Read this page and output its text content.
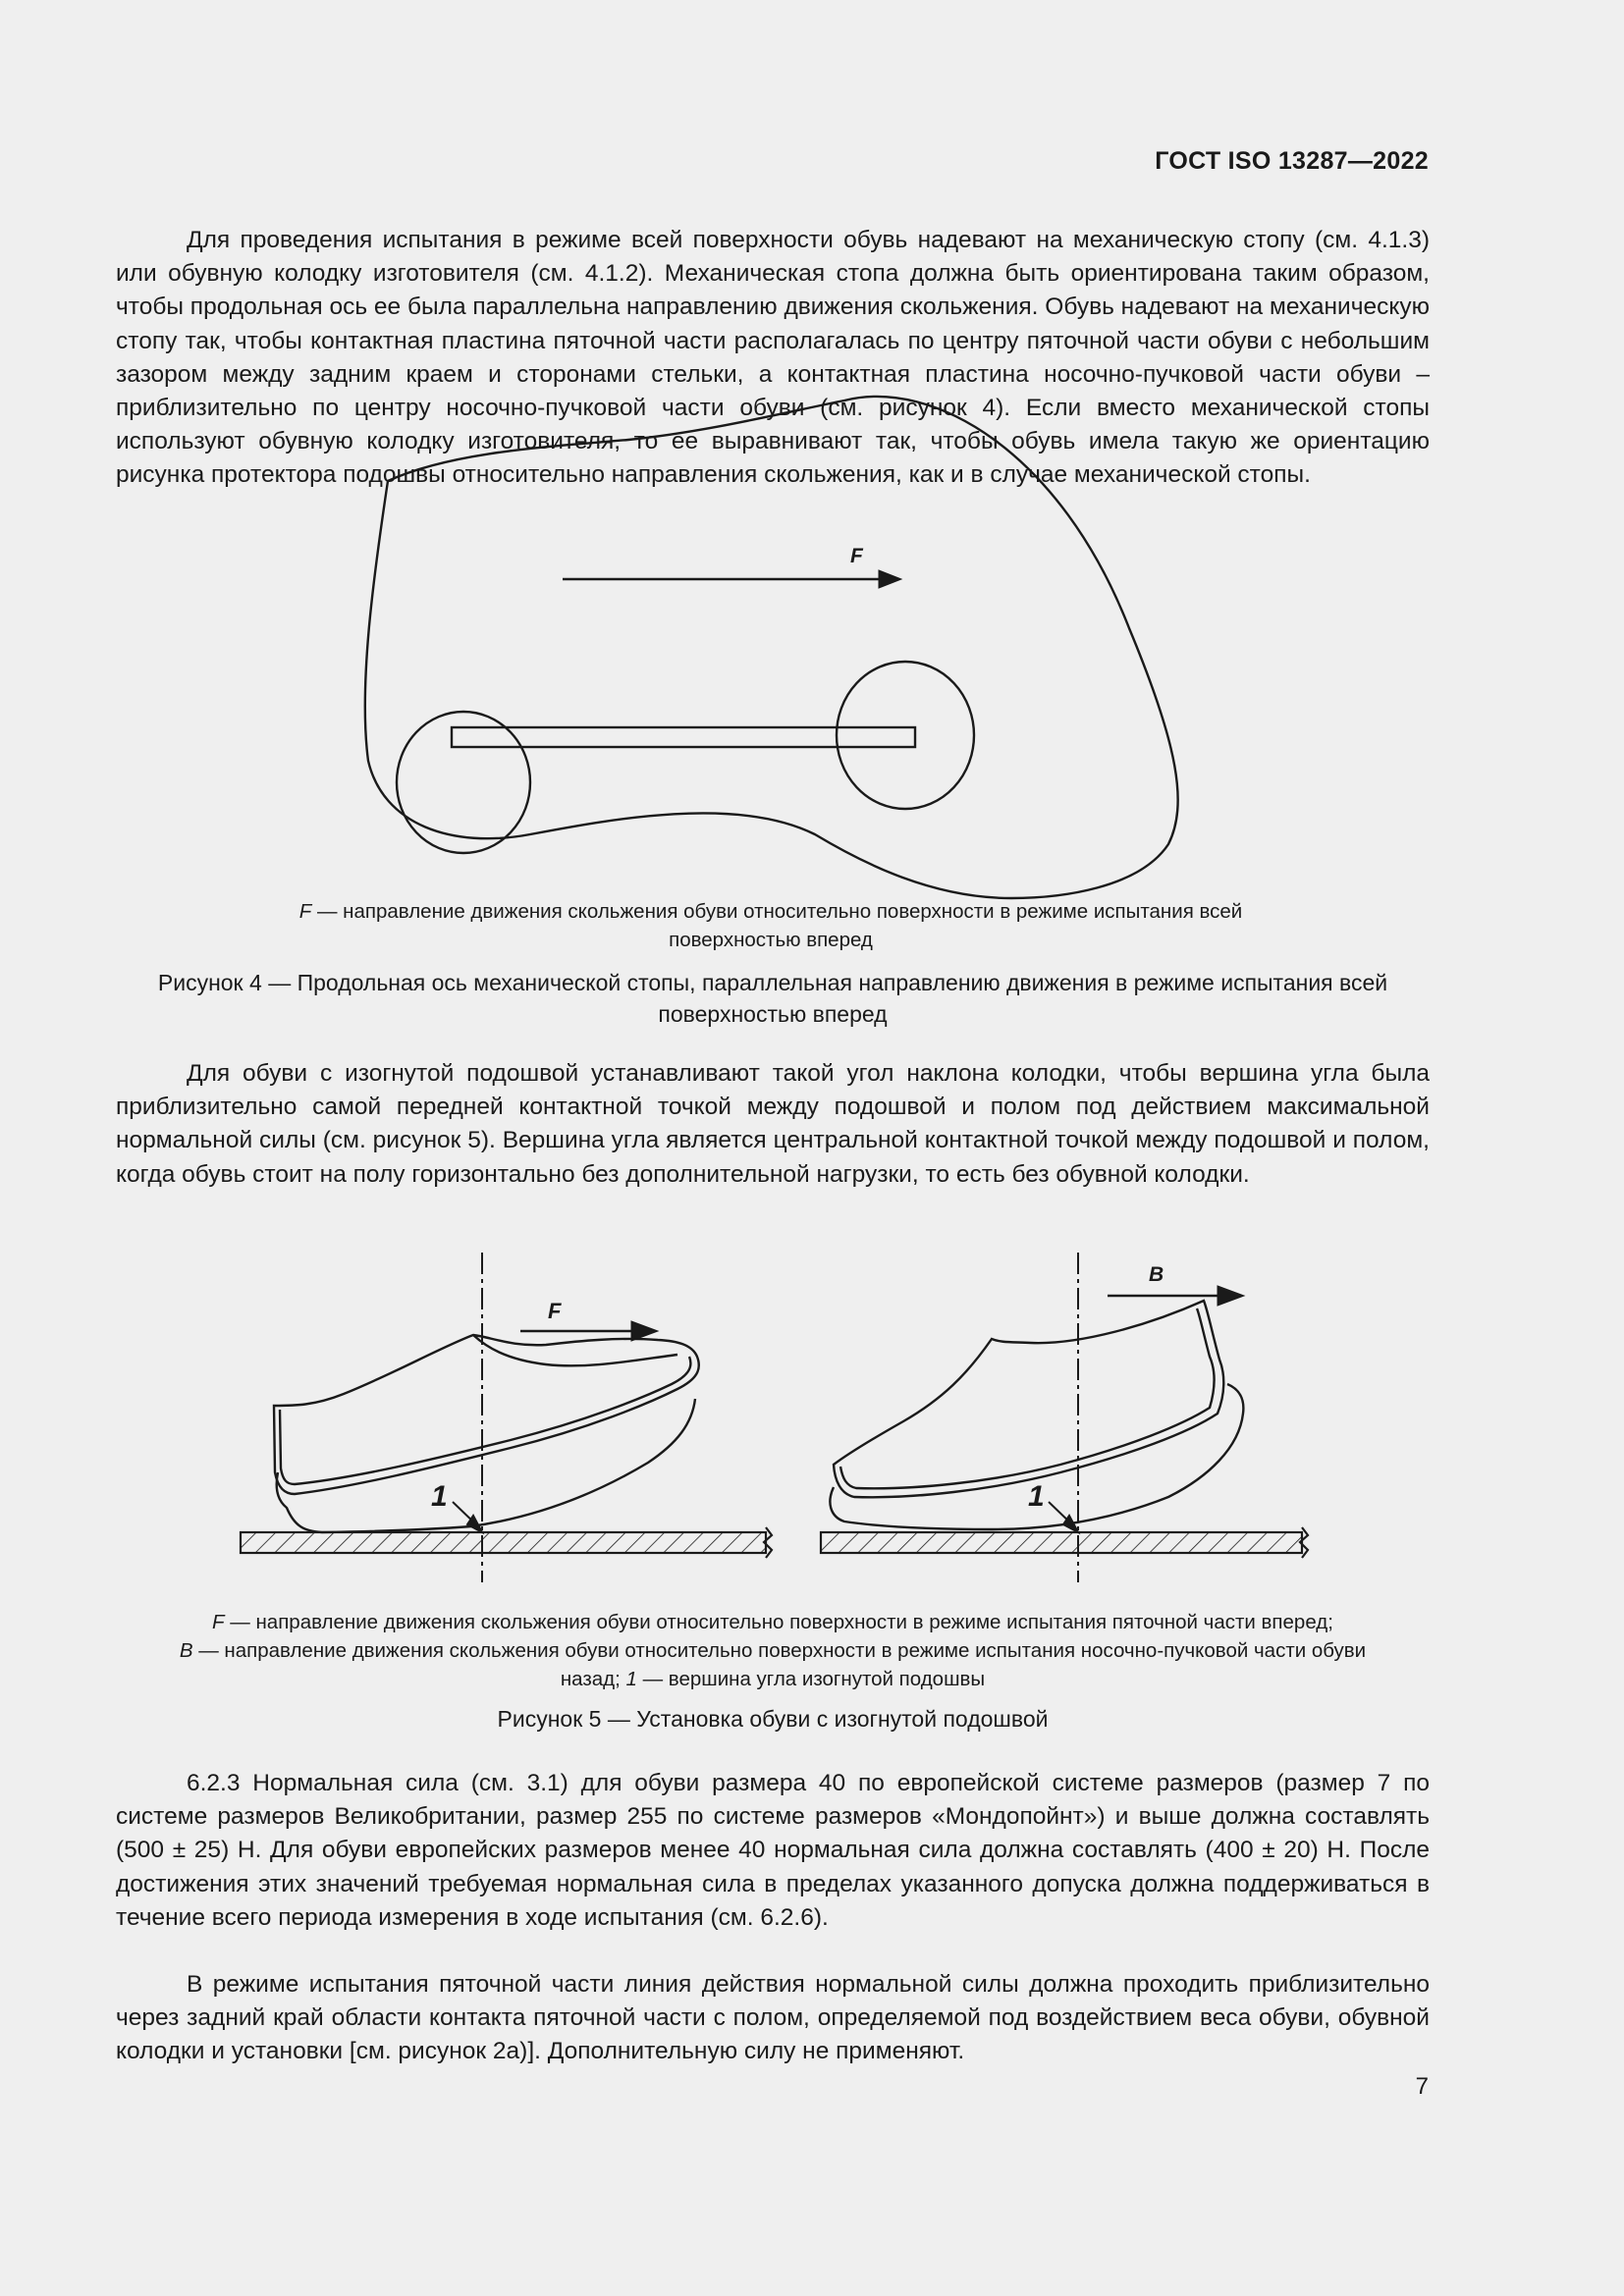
ГОСТ ISO 13287—2022

Для проведения испытания в режиме всей поверхности обувь надевают на механическую стопу (см. 4.1.3) или обувную колодку изготовителя (см. 4.1.2). Механическая стопа должна быть ориентирована таким образом, чтобы продольная ось ее была параллельна направлению движения скольжения. Обувь надевают на механическую стопу так, чтобы контактная пластина пяточной части располагалась по центру пяточной части обуви с небольшим зазором между задним краем и сторонами стельки, а контактная пластина носочно-пучковой части обуви – приблизительно по центру носочно-пучковой части обуви (см. рисунок 4). Если вместо механической стопы используют обувную колодку изготовителя, то ее выравнивают так, чтобы обувь имела такую же ориентацию рисунка протектора подошвы относительно направления скольжения, как и в случае механической стопы.

F

F — направление движения скольжения обуви относительно поверхности в режиме испытания всей поверхностью вперед

Рисунок 4 — Продольная ось механической стопы, параллельная направлению движения в режиме испытания всей поверхностью вперед

Для обуви с изогнутой подошвой устанавливают такой угол наклона колодки, чтобы вершина угла была приблизительно самой передней контактной точкой между подошвой и полом под действием максимальной нормальной силы (см. рисунок 5). Вершина угла является центральной контактной точкой между подошвой и полом, когда обувь стоит на полу горизонтально без дополнительной нагрузки, то есть без обувной колодки.

F
B
1	1
F — направление движения скольжения обуви относительно поверхности в режиме испытания пяточной части вперед;
B — направление движения скольжения обуви относительно поверхности в режиме испытания носочно-пучковой части обуви назад; 1 — вершина угла изогнутой подошвы

Рисунок 5 — Установка обуви с изогнутой подошвой

6.2.3 Нормальная сила (см. 3.1) для обуви размера 40 по европейской системе размеров (размер 7 по системе размеров Великобритании, размер 255 по системе размеров «Мондопойнт») и выше должна составлять (500 ± 25) Н. Для обуви европейских размеров менее 40 нормальная сила должна составлять (400 ± 20) Н. После достижения этих значений требуемая нормальная сила в пределах указанного допуска должна поддерживаться в течение всего периода измерения в ходе испытания (см. 6.2.6).

В режиме испытания пяточной части линия действия нормальной силы должна проходить приблизительно через задний край области контакта пяточной части с полом, определяемой под воздействием веса обуви, обувной колодки и установки [см. рисунок 2а)]. Дополнительную силу не применяют.

7
